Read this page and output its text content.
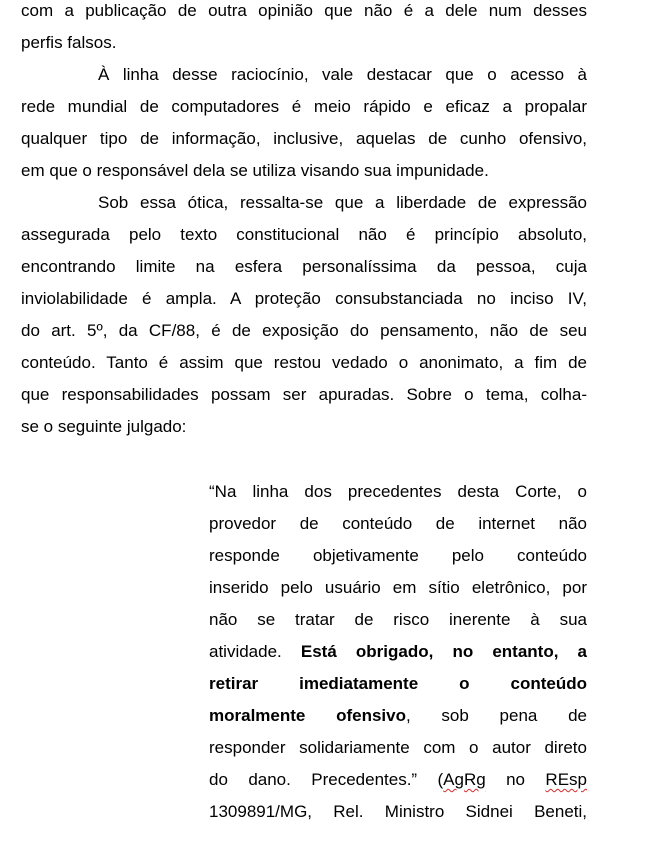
com a publicação de outra opinião que não é a dele num desses

perfis falsos.

À linha desse raciocínio, vale destacar que o acesso à

rede mundial de computadores é meio rápido e eficaz a propalar

qualquer tipo de informação, inclusive, aquelas de cunho ofensivo,

em que o responsável dela se utiliza visando sua impunidade.

Sob essa ótica, ressalta-se que a liberdade de expressão

assegurada pelo texto constitucional não é princípio absoluto,

encontrando limite na esfera personalíssima da pessoa, cuja

inviolabilidade é ampla. A proteção consubstanciada no inciso IV,

do art. 5º, da CF/88, é de exposição do pensamento, não de seu

conteúdo. Tanto é assim que restou vedado o anonimato, a fim de

que responsabilidades possam ser apuradas. Sobre o tema, colha-

se o seguinte julgado:

“Na linha dos precedentes desta Corte, o

provedor de conteúdo de internet não

responde objetivamente pelo conteúdo

inserido pelo usuário em sítio eletrônico, por

não se tratar de risco inerente à sua

atividade. Está obrigado, no entanto, a

retirar imediatamente o conteúdo

moralmente ofensivo, sob pena de

responder solidariamente com o autor direto

do dano. Precedentes.” (AgRg no REsp

1309891/MG, Rel. Ministro Sidnei Beneti,
